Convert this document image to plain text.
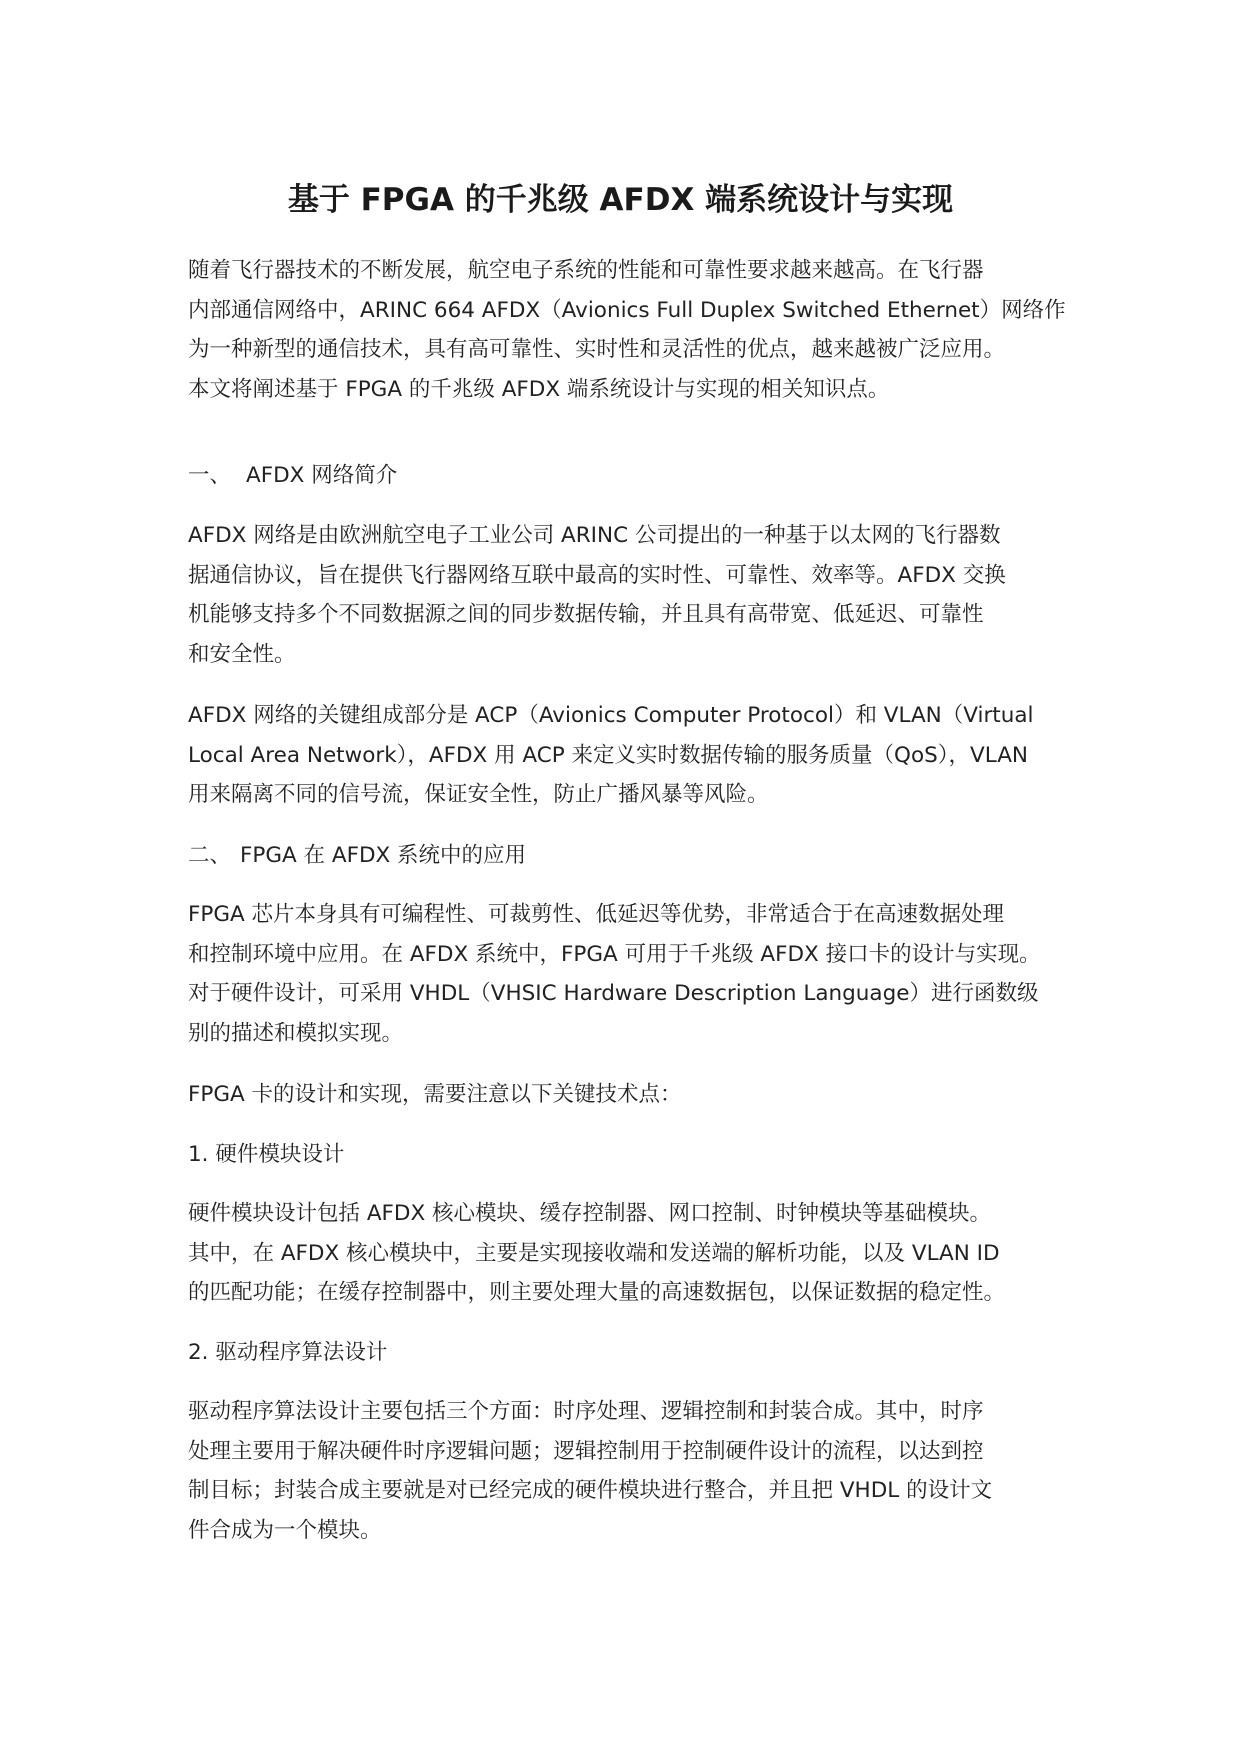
基于 FPGA 的千兆级 AFDX 端系统设计与实现

随着飞行器技术的不断发展，航空电子系统的性能和可靠性要求越来越高。在飞行器
内部通信网络中，ARINC 664 AFDX（Avionics Full Duplex Switched Ethernet）网络作
为一种新型的通信技术，具有高可靠性、实时性和灵活性的优点，越来越被广泛应用。
本文将阐述基于 FPGA 的千兆级 AFDX 端系统设计与实现的相关知识点。

一、 AFDX 网络简介

AFDX 网络是由欧洲航空电子工业公司 ARINC 公司提出的一种基于以太网的飞行器数
据通信协议，旨在提供飞行器网络互联中最高的实时性、可靠性、效率等。AFDX 交换
机能够支持多个不同数据源之间的同步数据传输，并且具有高带宽、低延迟、可靠性
和安全性。

AFDX 网络的关键组成部分是 ACP（Avionics Computer Protocol）和 VLAN（Virtual
Local Area Network），AFDX 用 ACP 来定义实时数据传输的服务质量（QoS），VLAN
用来隔离不同的信号流，保证安全性，防止广播风暴等风险。

二、 FPGA 在 AFDX 系统中的应用

FPGA 芯片本身具有可编程性、可裁剪性、低延迟等优势，非常适合于在高速数据处理
和控制环境中应用。在 AFDX 系统中，FPGA 可用于千兆级 AFDX 接口卡的设计与实现。
对于硬件设计，可采用 VHDL（VHSIC Hardware Description Language）进行函数级
别的描述和模拟实现。

FPGA 卡的设计和实现，需要注意以下关键技术点：

1. 硬件模块设计

硬件模块设计包括 AFDX 核心模块、缓存控制器、网口控制、时钟模块等基础模块。
其中，在 AFDX 核心模块中，主要是实现接收端和发送端的解析功能，以及 VLAN ID
的匹配功能；在缓存控制器中，则主要处理大量的高速数据包，以保证数据的稳定性。

2. 驱动程序算法设计

驱动程序算法设计主要包括三个方面：时序处理、逻辑控制和封装合成。其中，时序
处理主要用于解决硬件时序逻辑问题；逻辑控制用于控制硬件设计的流程，以达到控
制目标；封装合成主要就是对已经完成的硬件模块进行整合，并且把 VHDL 的设计文
件合成为一个模块。
